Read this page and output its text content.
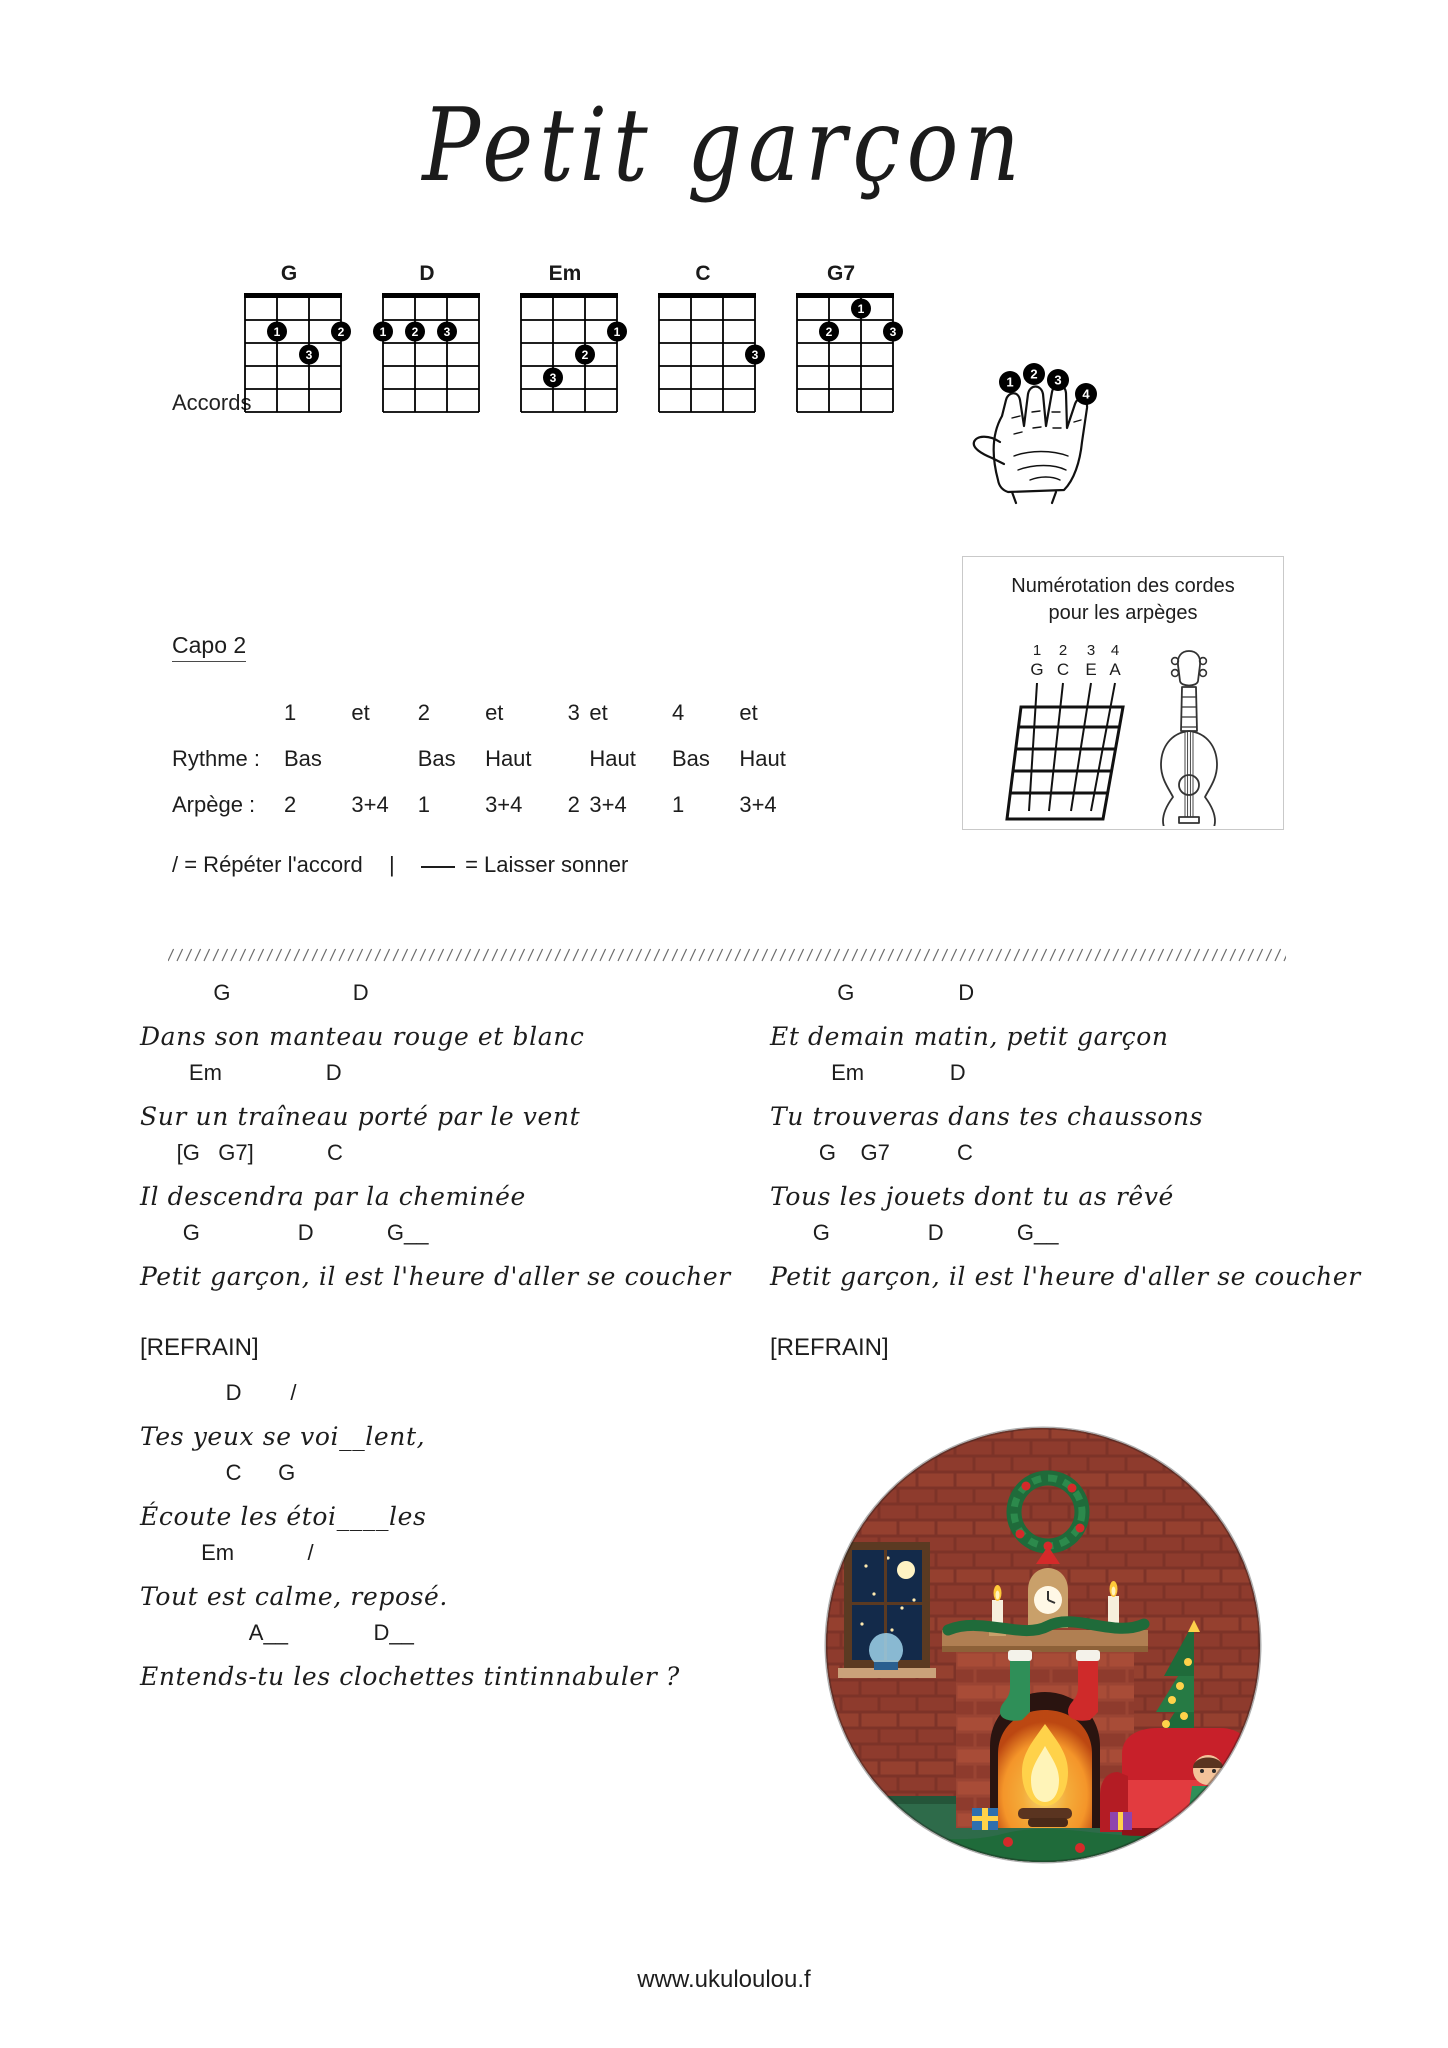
Petit garçon
Accords
G
1	2
3
D
1 2 3
Em
1
2
3
C
3
G7
1
2	3
1
2 3
4
Numérotation des cordes
pour les arpèges
1 2 3 4
G C E A
Capo 2
	1	et	2	et	3	et	4	et
Rythme :	Bas		Bas	Haut		Haut	Bas	Haut
Arpège :	2	3+4	1	3+4	2	3+4	1	3+4
/ = Répéter l'accord |	= Laisser sonner
G                    D
Dans son manteau rouge et blanc
Em                 D
Sur un traîneau porté par le vent
[G   G7]            C
Il descendra par la cheminée
G                D            G__
Petit garçon, il est l'heure d'aller se coucher
[REFRAIN]
D        /
Tes yeux se voi__lent,
C      G
Écoute les étoi____les
Em            /
Tout est calme, reposé.
A__              D__
Entends-tu les clochettes tintinnabuler ?
G                 D
Et demain matin, petit garçon
Em              D
Tu trouveras dans tes chaussons
G    G7           C
Tous les jouets dont tu as rêvé
G                D            G__
Petit garçon, il est l'heure d'aller se coucher
[REFRAIN]
www.ukuloulou.f
